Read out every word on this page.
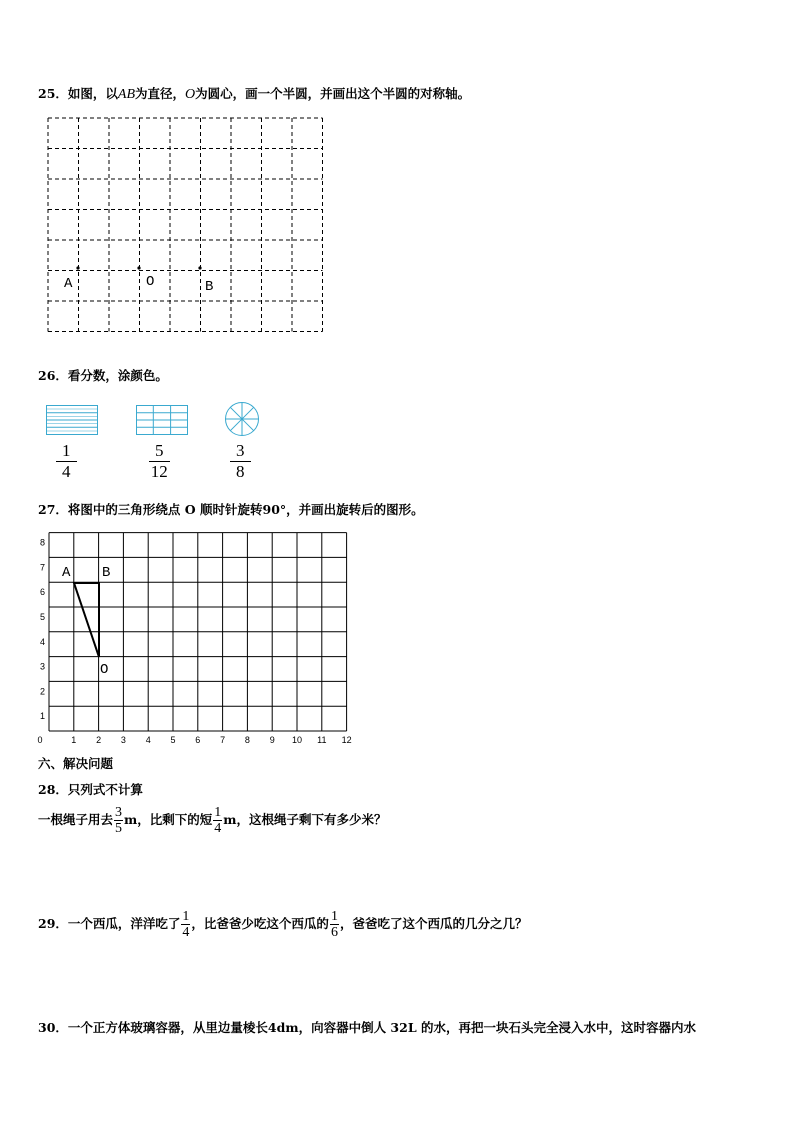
25．如图，以AB为直径，O为圆心，画一个半圆，并画出这个半圆的对称轴。
A	O	B
26．看分数，涂颜色。
$\frac{1}{4}$	$\frac{5}{12}$	$\frac{3}{8}$
27．将图中的三角形绕点 O 顺时针旋转90°，并画出旋转后的图形。
0	1 2 3 4 5 6 7 8 9 10 11 12
1
2
3
4
5
6
7
8
A B
O
六、解决问题
28．只列式不计算
一根绳子用去 $\frac{3}{5}$ m，比剩下的短 $\frac{1}{4}$ m，这根绳子剩下有多少米？
29．一个西瓜，洋洋吃了 $\frac{1}{4}$ ，比爸爸少吃这个西瓜的 $\frac{1}{6}$ ，爸爸吃了这个西瓜的几分之几？
30．一个正方体玻璃容器，从里边量棱长4dm，向容器中倒人 32L 的水，再把一块石头完全浸入水中，这时容器内水
